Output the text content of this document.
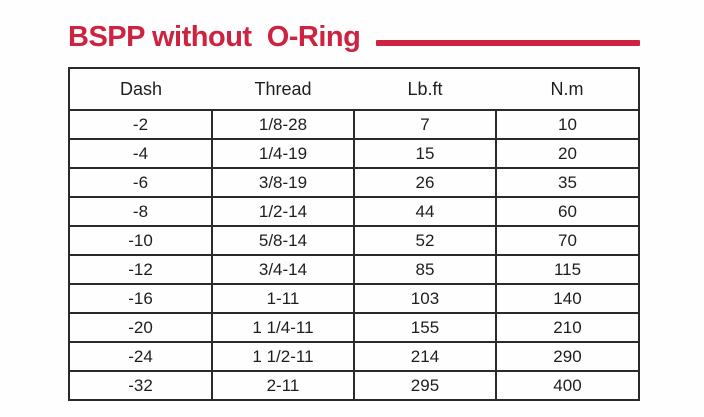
BSPP without  O-Ring
Dash	Thread	Lb.ft	N.m
-2	1/8-28	7	10
-4	1/4-19	15	20
-6	3/8-19	26	35
-8	1/2-14	44	60
-10	5/8-14	52	70
-12	3/4-14	85	115
-16	1-11	103	140
-20	1 1/4-11	155	210
-24	1 1/2-11	214	290
-32	2-11	295	400
